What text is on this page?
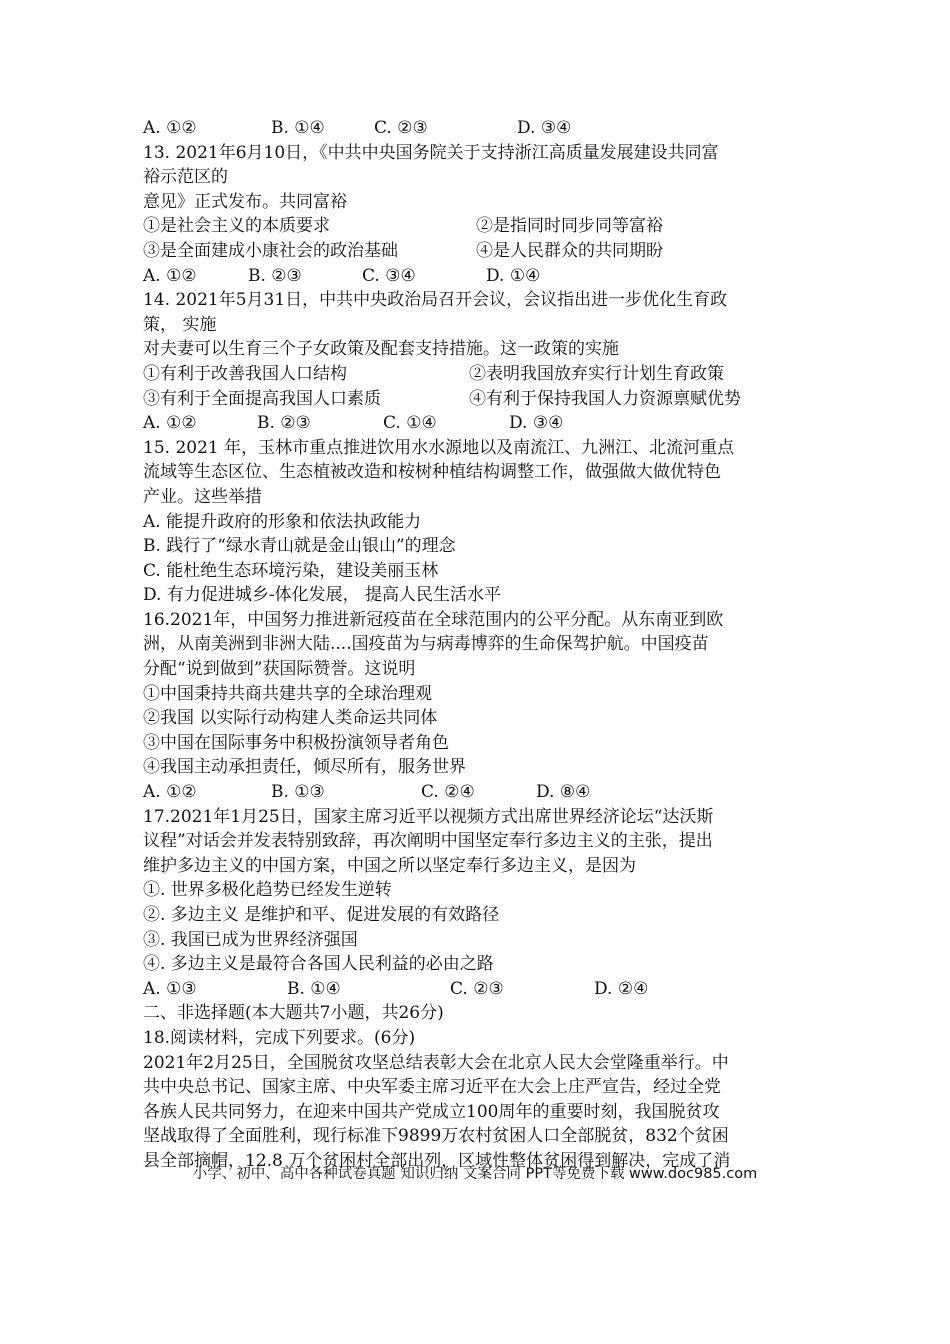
A. ①②	B. ①④	C. ②③	D. ③④
13. 2021年6月10日，《中共中央国务院关于支持浙江高质量发展建设共同富
裕示范区的
意见》正式发布。共同富裕
①是社会主义的本质要求	②是指同时同步同等富裕
③是全面建成小康社会的政治基础	④是人民群众的共同期盼
A. ①②	B. ②③	C. ③④	D. ①④
14. 2021年5月31日，中共中央政治局召开会议，会议指出进一步优化生育政
策， 实施
对夫妻可以生育三个子女政策及配套支持措施。这一政策的实施
①有利于改善我国人口结构	②表明我国放弃实行计划生育政策
③有利于全面提高我国人口素质	④有利于保持我国人力资源禀赋优势
A. ①②	B. ②③	C. ①④	D. ③④
15. 2021 年，玉林市重点推进饮用水水源地以及南流江、九洲江、北流河重点
流域等生态区位、生态植被改造和桉树种植结构调整工作，做强做大做优特色
产业。这些举措
A. 能提升政府的形象和依法执政能力
B. 践行了“绿水青山就是金山银山”的理念
C. 能杜绝生态环境污染，建设美丽玉林
D. 有力促进城乡-体化发展， 提高人民生活水平
16.2021年，中国努力推进新冠疫苗在全球范围内的公平分配。从东南亚到欧
洲，从南美洲到非洲大陆....国疫苗为与病毒博弈的生命保驾护航。中国疫苗
分配“说到做到”获国际赞誉。这说明
①中国秉持共商共建共享的全球治理观
②我国 以实际行动构建人类命运共同体
③中国在国际事务中积极扮演领导者角色
④我国主动承担责任，倾尽所有，服务世界
A. ①②	B. ①③	C. ②④	D. ⑧④
17.2021年1月25日，国家主席习近平以视频方式出席世界经济论坛“达沃斯
议程”对话会并发表特别致辞，再次阐明中国坚定奉行多边主义的主张，提出
维护多边主义的中国方案，中国之所以坚定奉行多边主义，是因为
①. 世界多极化趋势已经发生逆转
②. 多边主义 是维护和平、促进发展的有效路径
③. 我国已成为世界经济强国
④. 多边主义是最符合各国人民利益的必由之路
A. ①③	B. ①④	C. ②③	D. ②④
二、非选择题(本大题共7小题，共26分)
18.阅读材料，完成下列要求。(6分)
2021年2月25日，全国脱贫攻坚总结表彰大会在北京人民大会堂隆重举行。中
共中央总书记、国家主席、中央军委主席习近平在大会上庄严宣告，经过全党
各族人民共同努力，在迎来中国共产党成立100周年的重要时刻，我国脱贫攻
坚战取得了全面胜利，现行标准下9899万农村贫困人口全部脱贫，832个贫困
县全部摘帽，12.8 万个贫困村全部出列，区域性整体贫困得到解决，完成了消
小学、初中、高中各种试卷真题 知识归纳 文案合同 PPT等免费下载 www.doc985.com
